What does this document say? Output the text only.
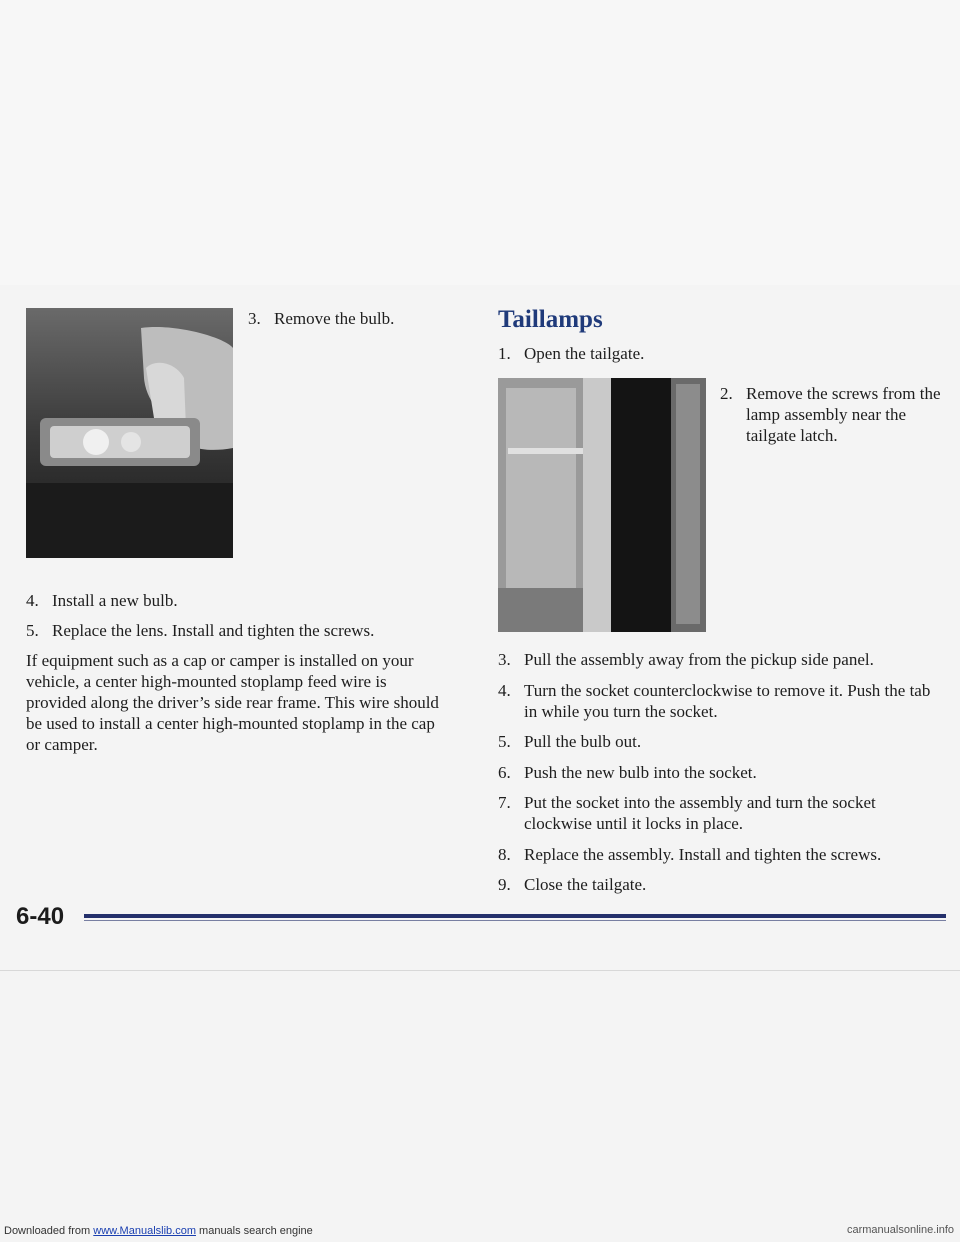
3. Remove the bulb.
4. Install a new bulb.
5. Replace the lens. Install and tighten the screws.
If equipment such as a cap or camper is installed on your vehicle, a center high-mounted stoplamp feed wire is provided along the driver’s side rear frame. This wire should be used to install a center high-mounted stoplamp in the cap or camper.
Taillamps
1. Open the tailgate.
2. Remove the screws from the lamp assembly near the tailgate latch.
3. Pull the assembly away from the pickup side panel.
4. Turn the socket counterclockwise to remove it. Push the tab in while you turn the socket.
5. Pull the bulb out.
6. Push the new bulb into the socket.
7. Put the socket into the assembly and turn the socket clockwise until it locks in place.
8. Replace the assembly. Install and tighten the screws.
9. Close the tailgate.
6-40
Downloaded from www.Manualslib.com manuals search engine	carmanualsonline.info
